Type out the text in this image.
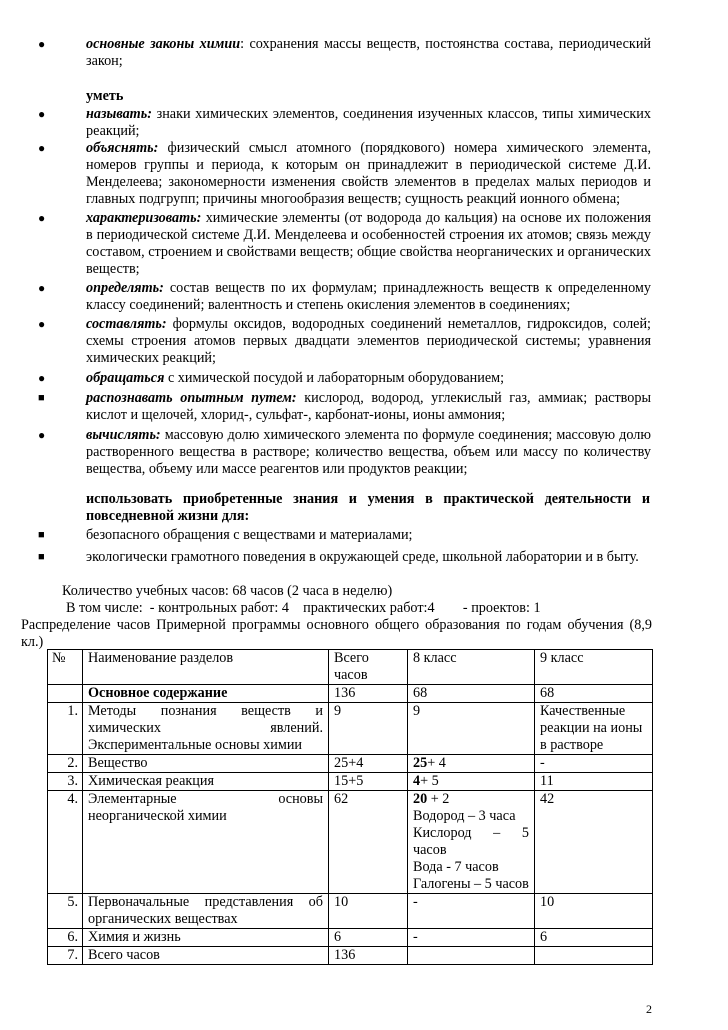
●	основные законы химии: сохранения массы веществ, постоянства состава, периодический закон;
уметь
●	называть: знаки химических элементов, соединения изученных классов, типы химических реакций;
●	объяснять: физический смысл атомного (порядкового) номера химического элемента, номеров группы и периода, к которым он принадлежит в периодической системе Д.И. Менделеева; закономерности изменения свойств элементов в пределах малых периодов и главных подгрупп; причины многообразия веществ; сущность реакций ионного обмена;
●	характеризовать: химические элементы (от водорода до кальция) на основе их положения в периодической системе Д.И. Менделеева и особенностей строения их атомов; связь между составом, строением и свойствами веществ; общие свойства неорганических и органических веществ;
●	определять: состав веществ по их формулам; принадлежность веществ к определенному классу соединений; валентность и степень окисления элементов в соединениях;
●	составлять: формулы оксидов, водородных соединений неметаллов, гидроксидов, солей; схемы строения атомов первых двадцати элементов периодической системы; уравнения химических реакций;
●	обращаться с химической посудой и лабораторным оборудованием;
■	распознавать опытным путем: кислород, водород, углекислый газ, аммиак; растворы кислот и щелочей, хлорид-, сульфат-, карбонат-ионы, ионы аммония;
●	вычислять: массовую долю химического элемента по формуле соединения; массовую долю растворенного вещества в растворе; количество вещества, объем или массу по количеству вещества, объему или массе реагентов или продуктов реакции;
использовать приобретенные знания и умения в практической деятельности и повседневной жизни для:
■	безопасного обращения с веществами и материалами;
■	экологически грамотного поведения в окружающей среде, школьной лаборатории и в быту.
Количество учебных часов: 68 часов (2 часа в неделю)
В том числе:  - контрольных работ: 4    практических работ:4        - проектов: 1
Распределение часов Примерной программы основного общего образования по годам обучения (8,9 кл.)
№	Наименование разделов	Всего часов	8 класс	9 класс
	Основное содержание	136	68	68
1.	Методы познания веществ и химических явлений. Экспериментальные основы химии	9	9	Качественные реакции на ионы в растворе
2.	Вещество	25+4	25+ 4	-
3.	Химическая реакция	15+5	4+ 5	11
4.	Элементарные основы неорганической химии	62	20 + 2
Водород – 3 часа
Кислород – 5 часов
Вода - 7 часов
Галогены – 5 часов	42
5.	Первоначальные представления об органических веществах	10	-	10
6.	Химия и жизнь	6	-	6
7.	Всего часов	136		
2
